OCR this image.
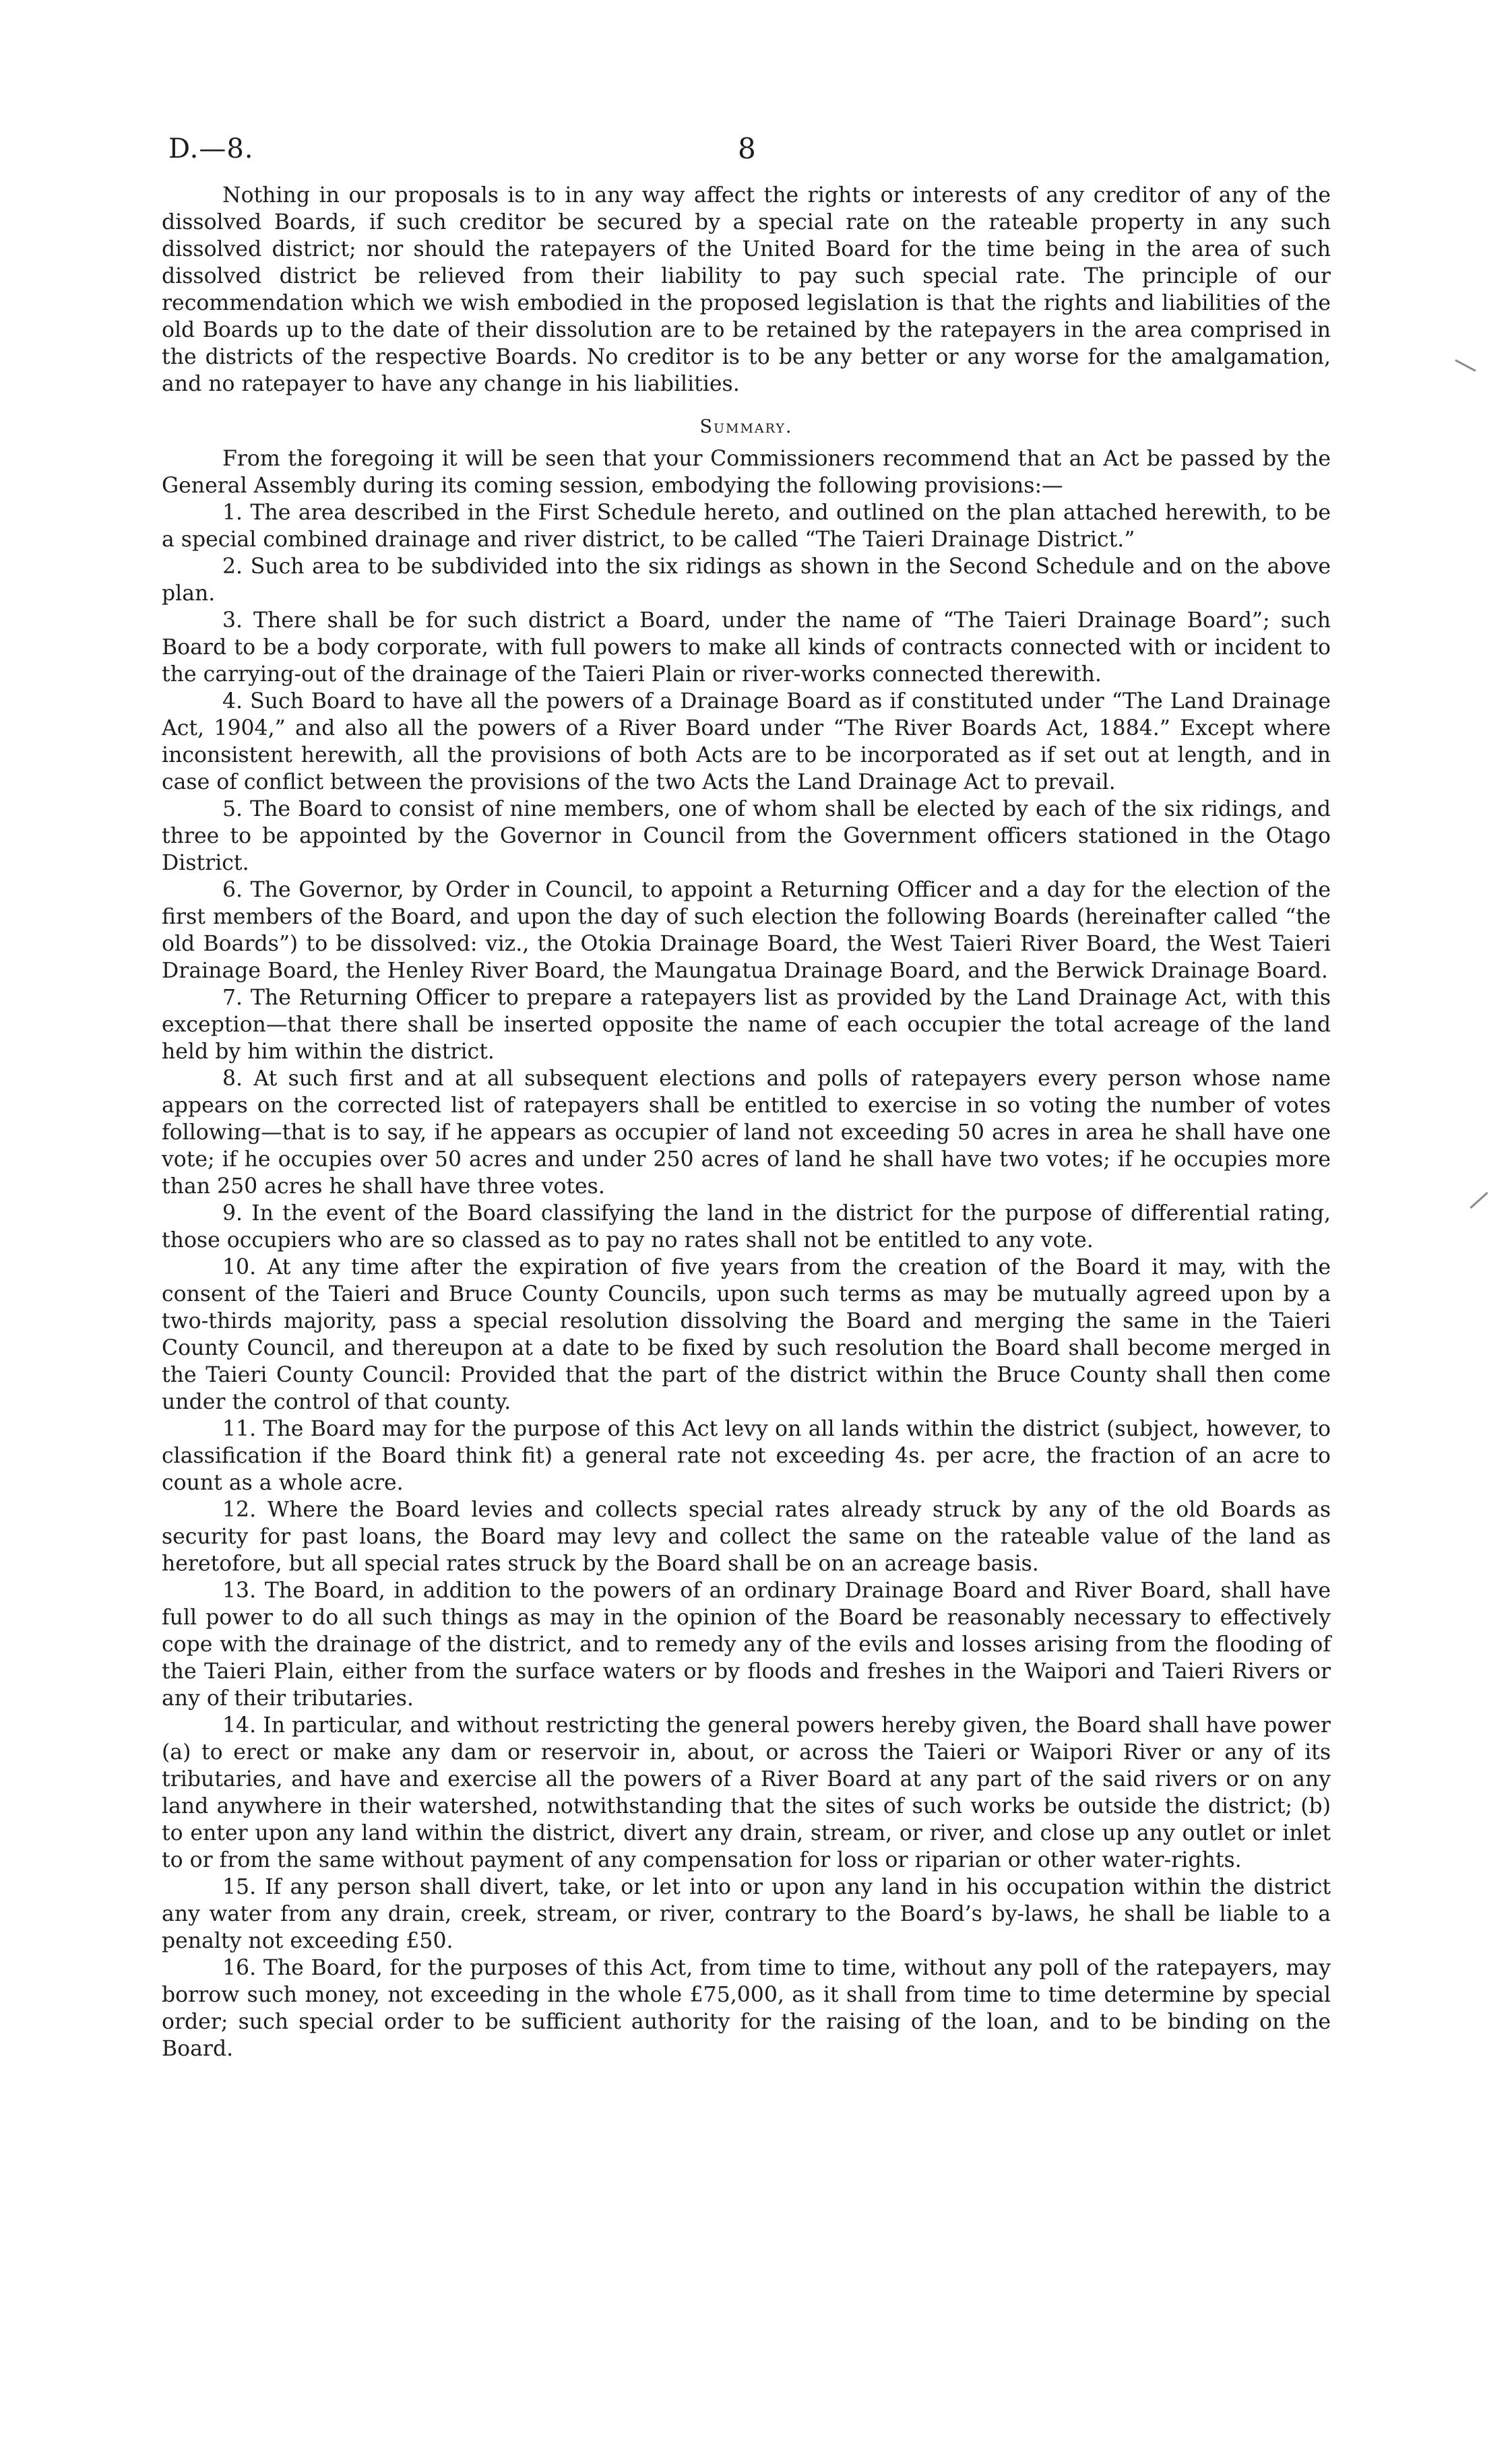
D.—8.	8

Nothing in our proposals is to in any way affect the rights or interests of any creditor of any of the dissolved Boards, if such creditor be secured by a special rate on the rateable property in any such dissolved district; nor should the ratepayers of the United Board for the time being in the area of such dissolved district be relieved from their liability to pay such special rate. The principle of our recommendation which we wish embodied in the proposed legislation is that the rights and liabilities of the old Boards up to the date of their dissolution are to be retained by the ratepayers in the area comprised in the districts of the respective Boards. No creditor is to be any better or any worse for the amalgamation, and no ratepayer to have any change in his liabilities.

Summary.

From the foregoing it will be seen that your Commissioners recommend that an Act be passed by the General Assembly during its coming session, embodying the following provisions:—

1. The area described in the First Schedule hereto, and outlined on the plan attached herewith, to be a special combined drainage and river district, to be called “The Taieri Drainage District.”
2. Such area to be subdivided into the six ridings as shown in the Second Schedule and on the above plan.
3. There shall be for such district a Board, under the name of “The Taieri Drainage Board”; such Board to be a body corporate, with full powers to make all kinds of contracts connected with or incident to the carrying-out of the drainage of the Taieri Plain or river-works connected therewith.
4. Such Board to have all the powers of a Drainage Board as if constituted under “The Land Drainage Act, 1904,” and also all the powers of a River Board under “The River Boards Act, 1884.” Except where inconsistent herewith, all the provisions of both Acts are to be incorporated as if set out at length, and in case of conflict between the provisions of the two Acts the Land Drainage Act to prevail.
5. The Board to consist of nine members, one of whom shall be elected by each of the six ridings, and three to be appointed by the Governor in Council from the Government officers stationed in the Otago District.
6. The Governor, by Order in Council, to appoint a Returning Officer and a day for the election of the first members of the Board, and upon the day of such election the following Boards (hereinafter called “the old Boards”) to be dissolved: viz., the Otokia Drainage Board, the West Taieri River Board, the West Taieri Drainage Board, the Henley River Board, the Maungatua Drainage Board, and the Berwick Drainage Board.
7. The Returning Officer to prepare a ratepayers list as provided by the Land Drainage Act, with this exception—that there shall be inserted opposite the name of each occupier the total acreage of the land held by him within the district.
8. At such first and at all subsequent elections and polls of ratepayers every person whose name appears on the corrected list of ratepayers shall be entitled to exercise in so voting the number of votes following—that is to say, if he appears as occupier of land not exceeding 50 acres in area he shall have one vote; if he occupies over 50 acres and under 250 acres of land he shall have two votes; if he occupies more than 250 acres he shall have three votes.
9. In the event of the Board classifying the land in the district for the purpose of differential rating, those occupiers who are so classed as to pay no rates shall not be entitled to any vote.
10. At any time after the expiration of five years from the creation of the Board it may, with the consent of the Taieri and Bruce County Councils, upon such terms as may be mutually agreed upon by a two-thirds majority, pass a special resolution dissolving the Board and merging the same in the Taieri County Council, and thereupon at a date to be fixed by such resolution the Board shall become merged in the Taieri County Council: Provided that the part of the district within the Bruce County shall then come under the control of that county.
11. The Board may for the purpose of this Act levy on all lands within the district (subject, however, to classification if the Board think fit) a general rate not exceeding 4s. per acre, the fraction of an acre to count as a whole acre.
12. Where the Board levies and collects special rates already struck by any of the old Boards as security for past loans, the Board may levy and collect the same on the rateable value of the land as heretofore, but all special rates struck by the Board shall be on an acreage basis.
13. The Board, in addition to the powers of an ordinary Drainage Board and River Board, shall have full power to do all such things as may in the opinion of the Board be reasonably necessary to effectively cope with the drainage of the district, and to remedy any of the evils and losses arising from the flooding of the Taieri Plain, either from the surface waters or by floods and freshes in the Waipori and Taieri Rivers or any of their tributaries.
14. In particular, and without restricting the general powers hereby given, the Board shall have power (a) to erect or make any dam or reservoir in, about, or across the Taieri or Waipori River or any of its tributaries, and have and exercise all the powers of a River Board at any part of the said rivers or on any land anywhere in their watershed, notwithstanding that the sites of such works be outside the district; (b) to enter upon any land within the district, divert any drain, stream, or river, and close up any outlet or inlet to or from the same without payment of any compensation for loss or riparian or other water-rights.
15. If any person shall divert, take, or let into or upon any land in his occupation within the district any water from any drain, creek, stream, or river, contrary to the Board’s by-laws, he shall be liable to a penalty not exceeding £50.
16. The Board, for the purposes of this Act, from time to time, without any poll of the ratepayers, may borrow such money, not exceeding in the whole £75,000, as it shall from time to time determine by special order; such special order to be sufficient authority for the raising of the loan, and to be binding on the Board.
